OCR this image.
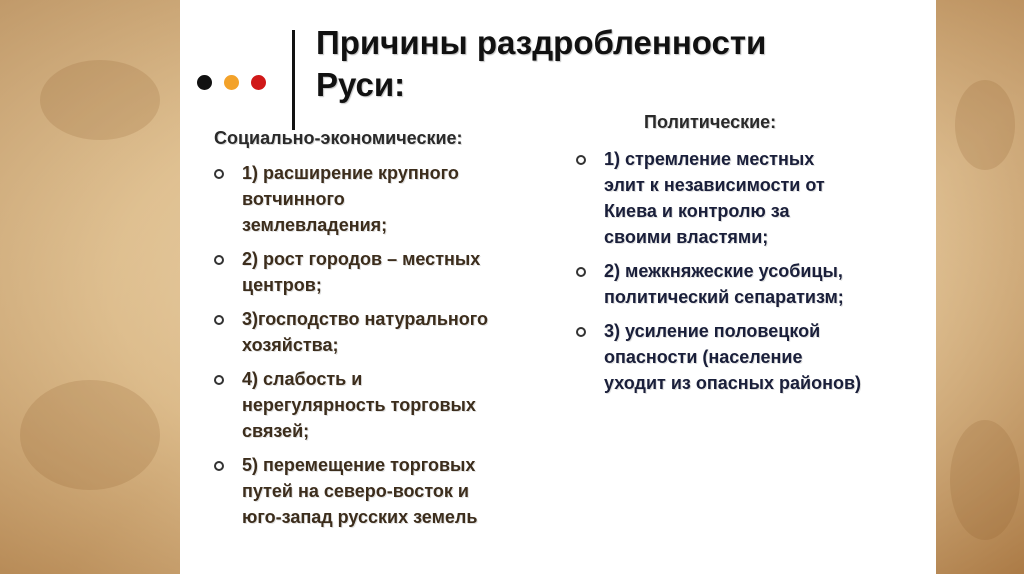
Причины раздробленности
Руси:
Социально-экономические:
1) расширение крупного
вотчинного
землевладения;
2) рост городов – местных
центров;
3)господство натурального
хозяйства;
4) слабость и
нерегулярность торговых
связей;
5) перемещение торговых
путей на северо-восток и
юго-запад русских земель
Политические:
1) стремление местных
элит к независимости от
Киева и контролю за
своими властями;
2) межкняжеские усобицы,
политический сепаратизм;
3) усиление половецкой
опасности (население
уходит из опасных районов)
